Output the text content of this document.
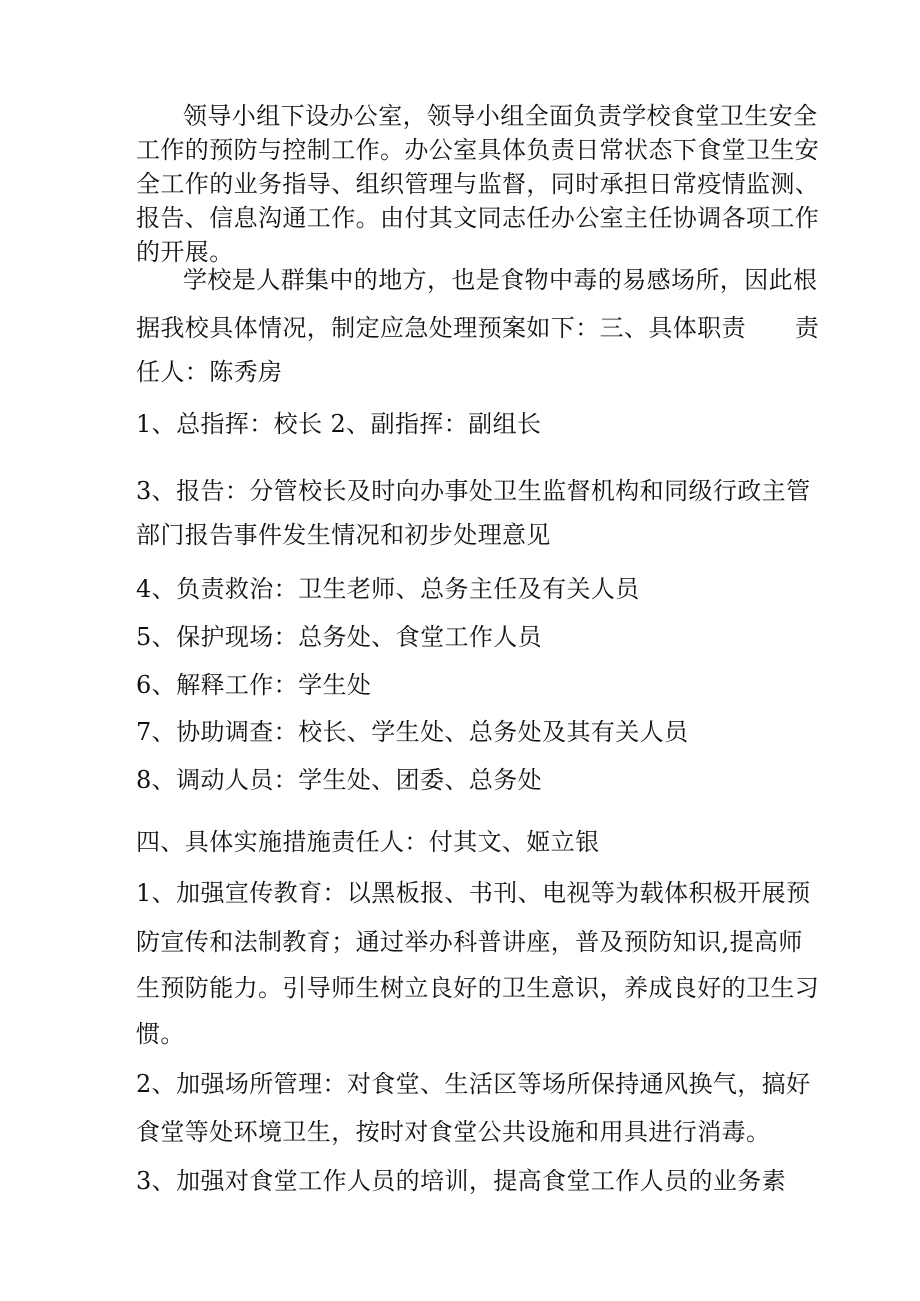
领导小组下设办公室，领导小组全面负责学校食堂卫生安全
工作的预防与控制工作。办公室具体负责日常状态下食堂卫生安
全工作的业务指导、组织管理与监督，同时承担日常疫情监测、
报告、信息沟通工作。由付其文同志任办公室主任协调各项工作
的开展。
学校是人群集中的地方，也是食物中毒的易感场所，因此根
据我校具体情况，制定应急处理预案如下：三、具体职责　　责
任人：陈秀房
1、总指挥：校长 2、副指挥：副组长
3、报告：分管校长及时向办事处卫生监督机构和同级行政主管
部门报告事件发生情况和初步处理意见
4、负责救治：卫生老师、总务主任及有关人员
5、保护现场：总务处、食堂工作人员
6、解释工作：学生处
7、协助调查：校长、学生处、总务处及其有关人员
8、调动人员：学生处、团委、总务处
四、具体实施措施责任人：付其文、姬立银
1、加强宣传教育：以黑板报、书刊、电视等为载体积极开展预
防宣传和法制教育；通过举办科普讲座，普及预防知识,提高师
生预防能力。引导师生树立良好的卫生意识，养成良好的卫生习
惯。
2、加强场所管理：对食堂、生活区等场所保持通风换气，搞好
食堂等处环境卫生，按时对食堂公共设施和用具进行消毒。
3、加强对食堂工作人员的培训，提高食堂工作人员的业务素
